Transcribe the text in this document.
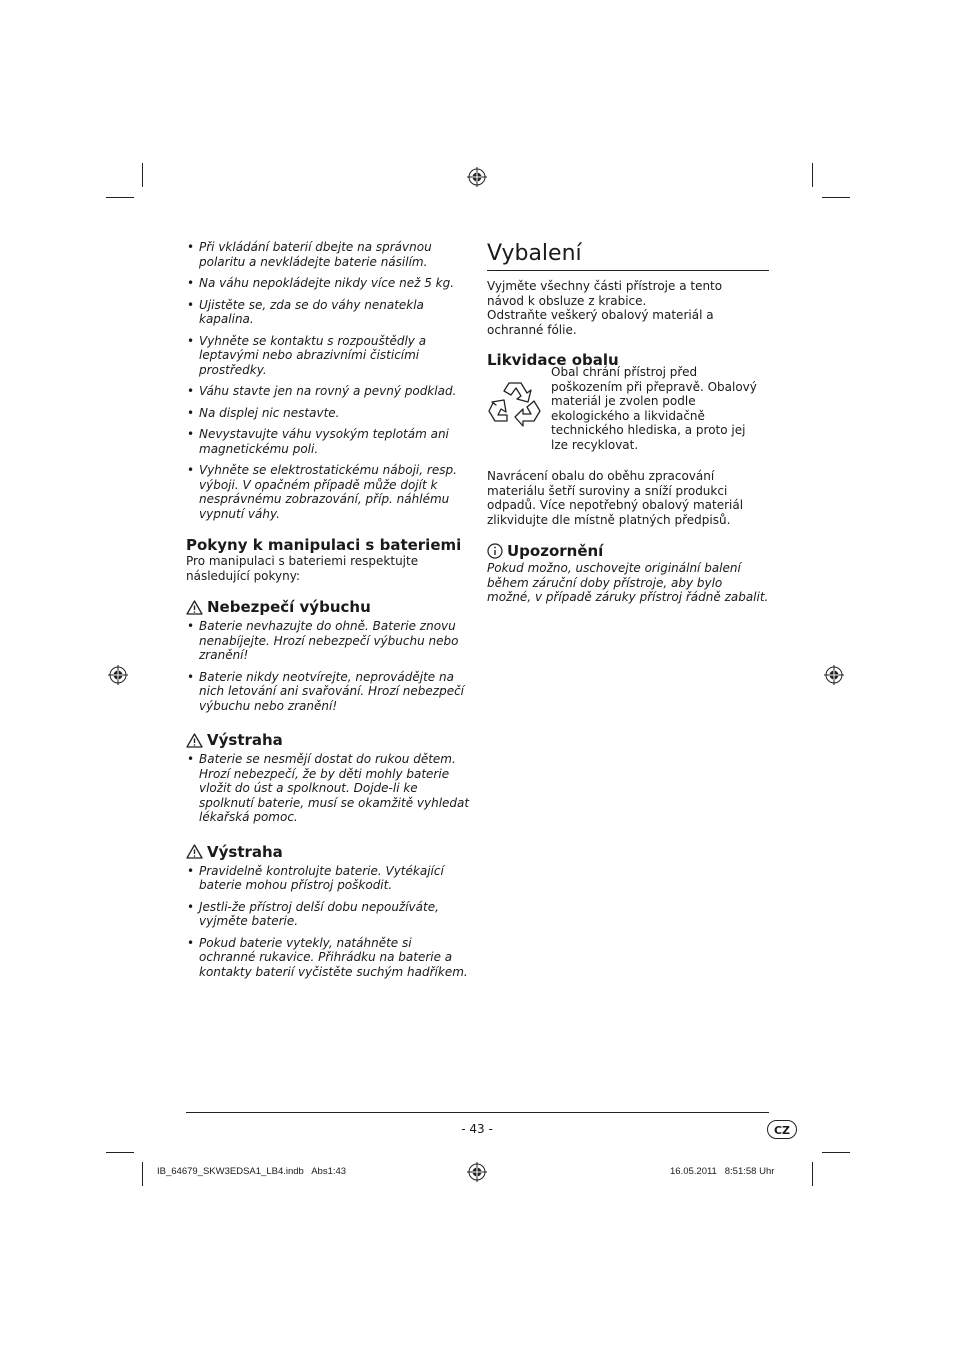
• Při vkládání baterií dbejte na správnou polaritu a nevkládejte baterie násilím.
• Na váhu nepokládejte nikdy více než 5 kg.
• Ujistěte se, zda se do váhy nenatekla kapalina.
• Vyhněte se kontaktu s rozpouštědly a leptavými nebo abrazivními čisticími prostředky.
• Váhu stavte jen na rovný a pevný podklad.
• Na displej nic nestavte.
• Nevystavujte váhu vysokým teplotám ani magnetickému poli.
• Vyhněte se elektrostatickému náboji, resp. výboji. V opačném případě může dojít k nesprávnému zobrazování, příp. náhlému vypnutí váhy.
Pokyny k manipulaci s bateriemi

Pro manipulaci s bateriemi respektujte následující pokyny:

Nebezpečí výbuchu
• Baterie nevhazujte do ohně. Baterie znovu nenabíjejte. Hrozí nebezpečí výbuchu nebo zranění!
• Baterie nikdy neotvírejte, neprovádějte na nich letování ani svařování. Hrozí nebezpečí výbuchu nebo zranění!
Výstraha
• Baterie se nesmějí dostat do rukou dětem. Hrozí nebezpečí, že by děti mohly baterie vložit do úst a spolknout. Dojde-li ke spolknutí baterie, musí se okamžitě vyhledat lékařská pomoc.
Výstraha
• Pravidelně kontrolujte baterie. Vytékající baterie mohou přístroj poškodit.
• Jestli-že přístroj delší dobu nepoužíváte, vyjměte baterie.
• Pokud baterie vytekly, natáhněte si ochranné rukavice. Přihrádku na baterie a kontakty baterií vyčistěte suchým hadříkem.
Vybalení

Vyjměte všechny části přístroje a tento návod k obsluze z krabice.

Odstraňte veškerý obalový materiál a ochranné fólie.

Likvidace obalu

Obal chrání přístroj před poškozením při přepravě. Obalový materiál je zvolen podle ekologického a likvidačně technického hlediska, a proto jej lze recyklovat.

Navrácení obalu do oběhu zpracování materiálu šetří suroviny a sníží produkci odpadů. Více nepotřebný obalový materiál zlikvidujte dle místně platných předpisů.

Upozornění

Pokud možno, uschovejte originální balení během záruční doby přístroje, aby bylo možné, v případě záruky přístroj řádně zabalit.

- 43 -	CZ
IB_64679_SKW3EDSA1_LB4.indb   Abs1:43	16.05.2011   8:51:58 Uhr
